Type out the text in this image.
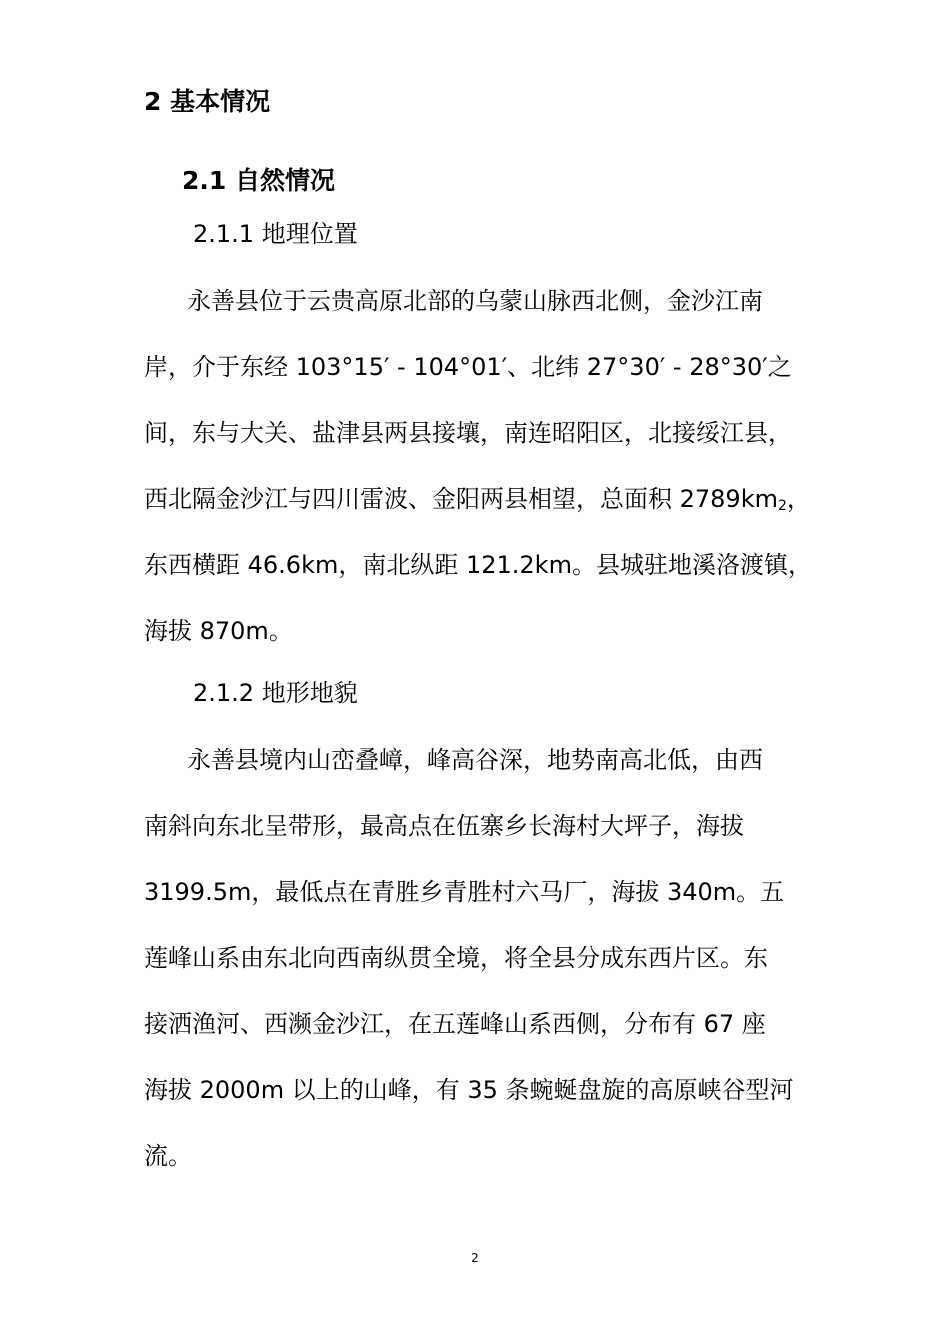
2 基本情况
2.1 自然情况
2.1.1 地理位置
永善县位于云贵高原北部的乌蒙山脉西北侧，金沙江南
岸，介于东经 103°15′ - 104°01′、北纬 27°30′ - 28°30′之
间，东与大关、盐津县两县接壤，南连昭阳区，北接绥江县，
西北隔金沙江与四川雷波、金阳两县相望，总面积 $2789km_2$，
东西横距 46.6km，南北纵距 121.2km。县城驻地溪洛渡镇，
海拔 870m。
2.1.2 地形地貌
永善县境内山峦叠嶂，峰高谷深，地势南高北低，由西
南斜向东北呈带形，最高点在伍寨乡长海村大坪子，海拔
3199.5m，最低点在青胜乡青胜村六马厂，海拔 340m。五
莲峰山系由东北向西南纵贯全境，将全县分成东西片区。东
接洒渔河、西濒金沙江，在五莲峰山系西侧，分布有 67 座
海拔 2000m 以上的山峰，有 35 条蜿蜒盘旋的高原峡谷型河
流。
2
